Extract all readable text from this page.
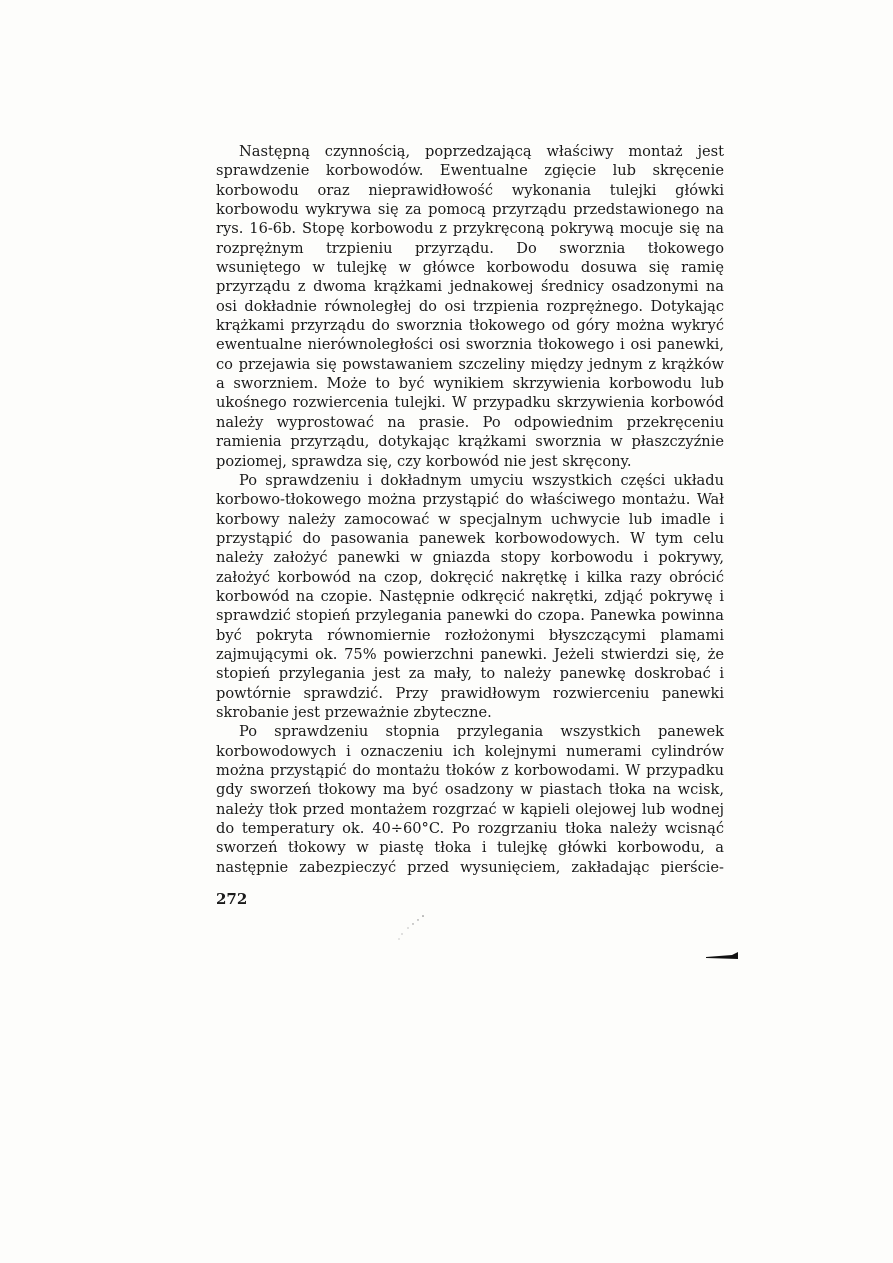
Następną czynnością, poprzedzającą właściwy montaż jest sprawdzenie korbowodów. Ewentualne zgięcie lub skręcenie korbowodu oraz nieprawidłowość wykonania tulejki główki korbowodu wykrywa się za pomocą przyrządu przedstawionego na rys. 16-6b. Stopę korbowodu z przykręconą pokrywą mocuje się na rozprężnym trzpieniu przyrządu. Do sworznia tłokowego wsuniętego w tulejkę w główce korbowodu dosuwa się ramię przyrządu z dwoma krążkami jednakowej średnicy osadzonymi na osi dokładnie równoległej do osi trzpienia rozprężnego. Dotykając krążkami przyrządu do sworznia tłokowego od góry można wykryć ewentualne nierównoległości osi sworznia tłokowego i osi panewki, co przejawia się powstawaniem szczeliny między jednym z krążków a sworzniem. Może to być wynikiem skrzywienia korbowodu lub ukośnego rozwiercenia tulejki. W przypadku skrzywienia korbowód należy wyprostować na prasie. Po odpowiednim przekręceniu ramienia przyrządu, dotykając krążkami sworznia w płaszczyźnie poziomej, sprawdza się, czy korbowód nie jest skręcony.

Po sprawdzeniu i dokładnym umyciu wszystkich części układu korbowo-tłokowego można przystąpić do właściwego montażu. Wał korbowy należy zamocować w specjalnym uchwycie lub imadle i przystąpić do pasowania panewek korbowodowych. W tym celu należy założyć panewki w gniazda stopy korbowodu i pokrywy, założyć korbowód na czop, dokręcić nakrętkę i kilka razy obrócić korbowód na czopie. Następnie odkręcić nakrętki, zdjąć pokrywę i sprawdzić stopień przylegania panewki do czopa. Panewka powinna być pokryta równomiernie rozłożonymi błyszczącymi plamami zajmującymi ok. 75% powierzchni panewki. Jeżeli stwierdzi się, że stopień przylegania jest za mały, to należy panewkę doskrobać i powtórnie sprawdzić. Przy prawidłowym rozwierceniu panewki skrobanie jest przeważnie zbyteczne.

Po sprawdzeniu stopnia przylegania wszystkich panewek korbowodowych i oznaczeniu ich kolejnymi numerami cylindrów można przystąpić do montażu tłoków z korbowodami. W przypadku gdy sworzeń tłokowy ma być osadzony w piastach tłoka na wcisk, należy tłok przed montażem rozgrzać w kąpieli olejowej lub wodnej do temperatury ok. 40÷60°C. Po rozgrzaniu tłoka należy wcisnąć sworzeń tłokowy w piastę tłoka i tulejkę główki korbowodu, a następnie zabezpieczyć przed wysunięciem, zakładając pierście-

272
